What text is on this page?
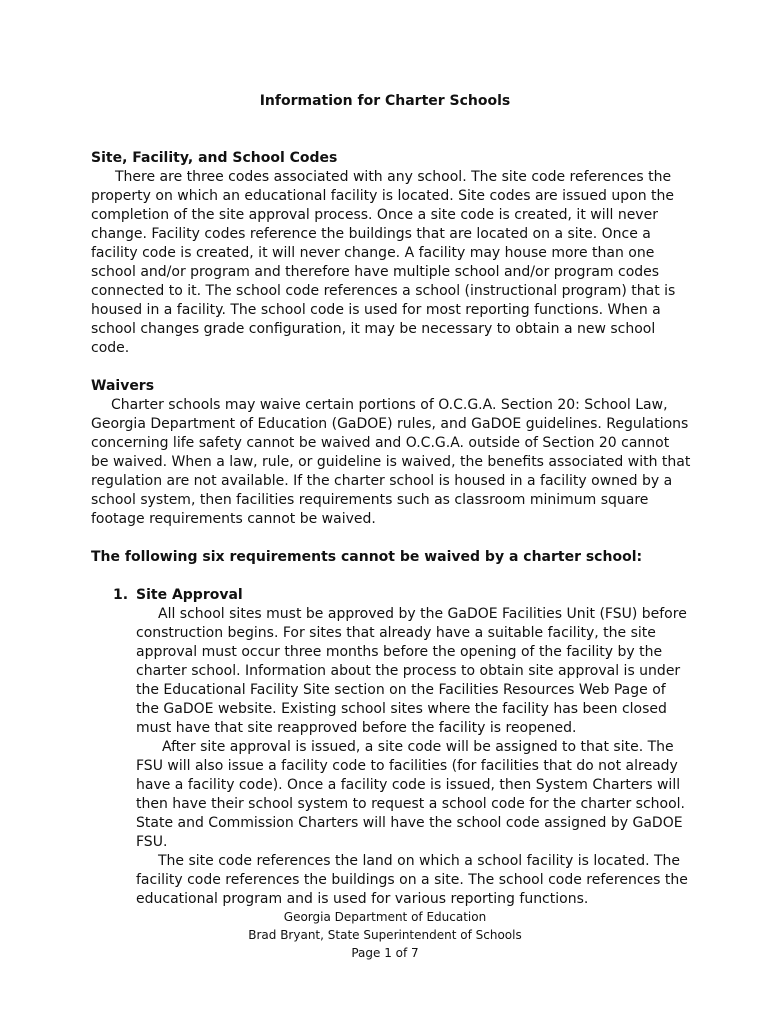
Information for Charter Schools

Site, Facility, and School Codes

There are three codes associated with any school. The site code references the property on which an educational facility is located. Site codes are issued upon the completion of the site approval process. Once a site code is created, it will never change. Facility codes reference the buildings that are located on a site. Once a facility code is created, it will never change. A facility may house more than one school and/or program and therefore have multiple school and/or program codes connected to it. The school code references a school (instructional program) that is housed in a facility. The school code is used for most reporting functions. When a school changes grade configuration, it may be necessary to obtain a new school code.

Waivers

Charter schools may waive certain portions of O.C.G.A. Section 20: School Law, Georgia Department of Education (GaDOE) rules, and GaDOE guidelines. Regulations concerning life safety cannot be waived and O.C.G.A. outside of Section 20 cannot be waived. When a law, rule, or guideline is waived, the benefits associated with that regulation are not available. If the charter school is housed in a facility owned by a school system, then facilities requirements such as classroom minimum square footage requirements cannot be waived.

The following six requirements cannot be waived by a charter school:

1. Site Approval

All school sites must be approved by the GaDOE Facilities Unit (FSU) before construction begins. For sites that already have a suitable facility, the site approval must occur three months before the opening of the facility by the charter school. Information about the process to obtain site approval is under the Educational Facility Site section on the Facilities Resources Web Page of the GaDOE website. Existing school sites where the facility has been closed must have that site reapproved before the facility is reopened.

After site approval is issued, a site code will be assigned to that site. The FSU will also issue a facility code to facilities (for facilities that do not already have a facility code). Once a facility code is issued, then System Charters will then have their school system to request a school code for the charter school. State and Commission Charters will have the school code assigned by GaDOE FSU.

The site code references the land on which a school facility is located. The facility code references the buildings on a site. The school code references the educational program and is used for various reporting functions.

Georgia Department of Education
Brad Bryant, State Superintendent of Schools
Page 1 of 7
